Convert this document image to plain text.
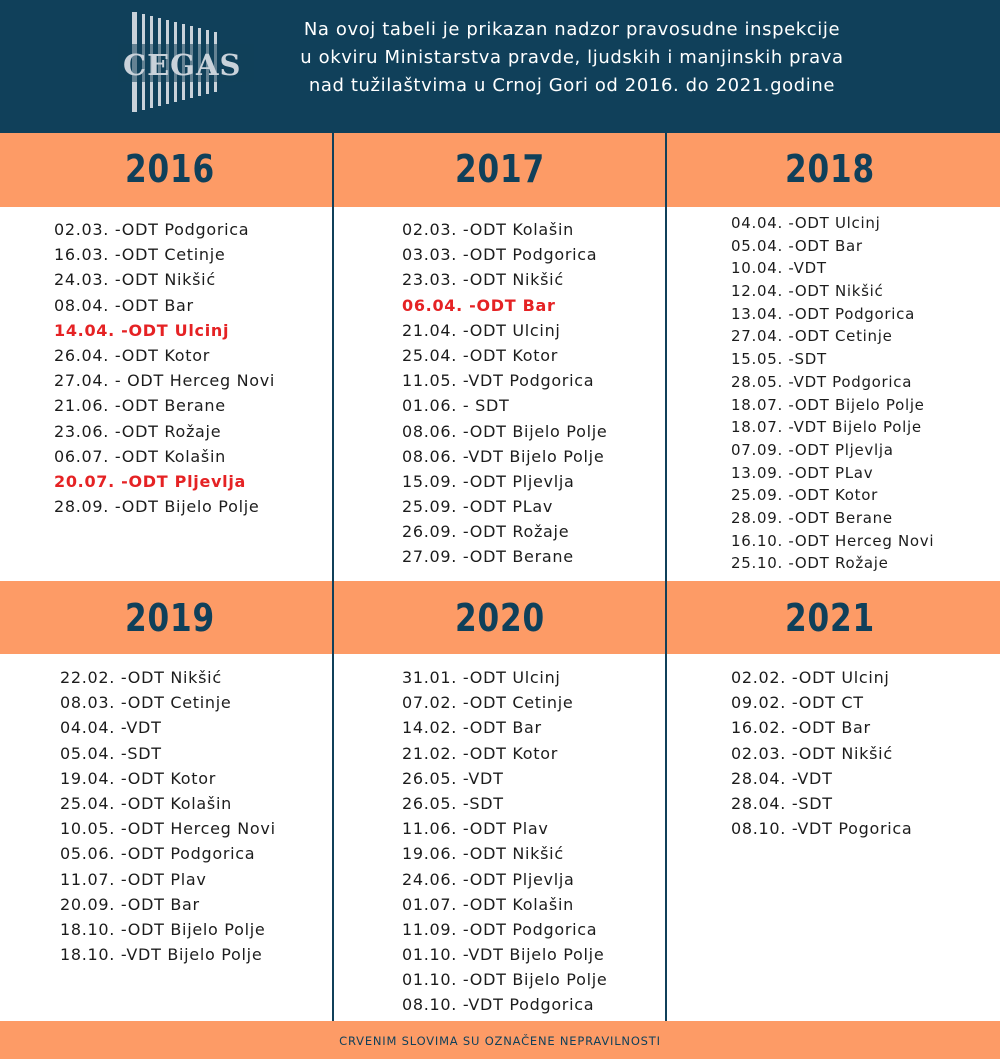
CEGAS
Na ovoj tabeli je prikazan nadzor pravosudne inspekcije
u okviru Ministarstva pravde, ljudskih i manjinskih prava
nad tužilaštvima u Crnoj Gori od 2016. do 2021.godine
2016	2017	2018
2019	2020	2021
02.03. -ODT Podgorica
16.03. -ODT Cetinje
24.03. -ODT Nikšić
08.04. -ODT Bar
14.04. -ODT Ulcinj
26.04. -ODT Kotor
27.04. - ODT Herceg Novi
21.06. -ODT Berane
23.06. -ODT Rožaje
06.07. -ODT Kolašin
20.07. -ODT Pljevlja
28.09. -ODT Bijelo Polje
02.03. -ODT Kolašin
03.03. -ODT Podgorica
23.03. -ODT Nikšić
06.04. -ODT Bar
21.04. -ODT Ulcinj
25.04. -ODT Kotor
11.05. -VDT Podgorica
01.06. - SDT
08.06. -ODT Bijelo Polje
08.06. -VDT Bijelo Polje
15.09. -ODT Pljevlja
25.09. -ODT PLav
26.09. -ODT Rožaje
27.09. -ODT Berane
04.04. -ODT Ulcinj
05.04. -ODT Bar
10.04. -VDT
12.04. -ODT Nikšić
13.04. -ODT Podgorica
27.04. -ODT Cetinje
15.05. -SDT
28.05. -VDT Podgorica
18.07. -ODT Bijelo Polje
18.07. -VDT Bijelo Polje
07.09. -ODT Pljevlja
13.09. -ODT PLav
25.09. -ODT Kotor
28.09. -ODT Berane
16.10. -ODT Herceg Novi
25.10. -ODT Rožaje
22.02. -ODT Nikšić
08.03. -ODT Cetinje
04.04. -VDT
05.04. -SDT
19.04. -ODT Kotor
25.04. -ODT Kolašin
10.05. -ODT Herceg Novi
05.06. -ODT Podgorica
11.07. -ODT Plav
20.09. -ODT Bar
18.10. -ODT Bijelo Polje
18.10. -VDT Bijelo Polje
31.01. -ODT Ulcinj
07.02. -ODT Cetinje
14.02. -ODT Bar
21.02. -ODT Kotor
26.05. -VDT
26.05. -SDT
11.06. -ODT Plav
19.06. -ODT Nikšić
24.06. -ODT Pljevlja
01.07. -ODT Kolašin
11.09. -ODT Podgorica
01.10. -VDT Bijelo Polje
01.10. -ODT Bijelo Polje
08.10. -VDT Podgorica
02.02. -ODT Ulcinj
09.02. -ODT CT
16.02. -ODT Bar
02.03. -ODT Nikšić
28.04. -VDT
28.04. -SDT
08.10. -VDT Pogorica
CRVENIM SLOVIMA SU OZNAČENE NEPRAVILNOSTI
